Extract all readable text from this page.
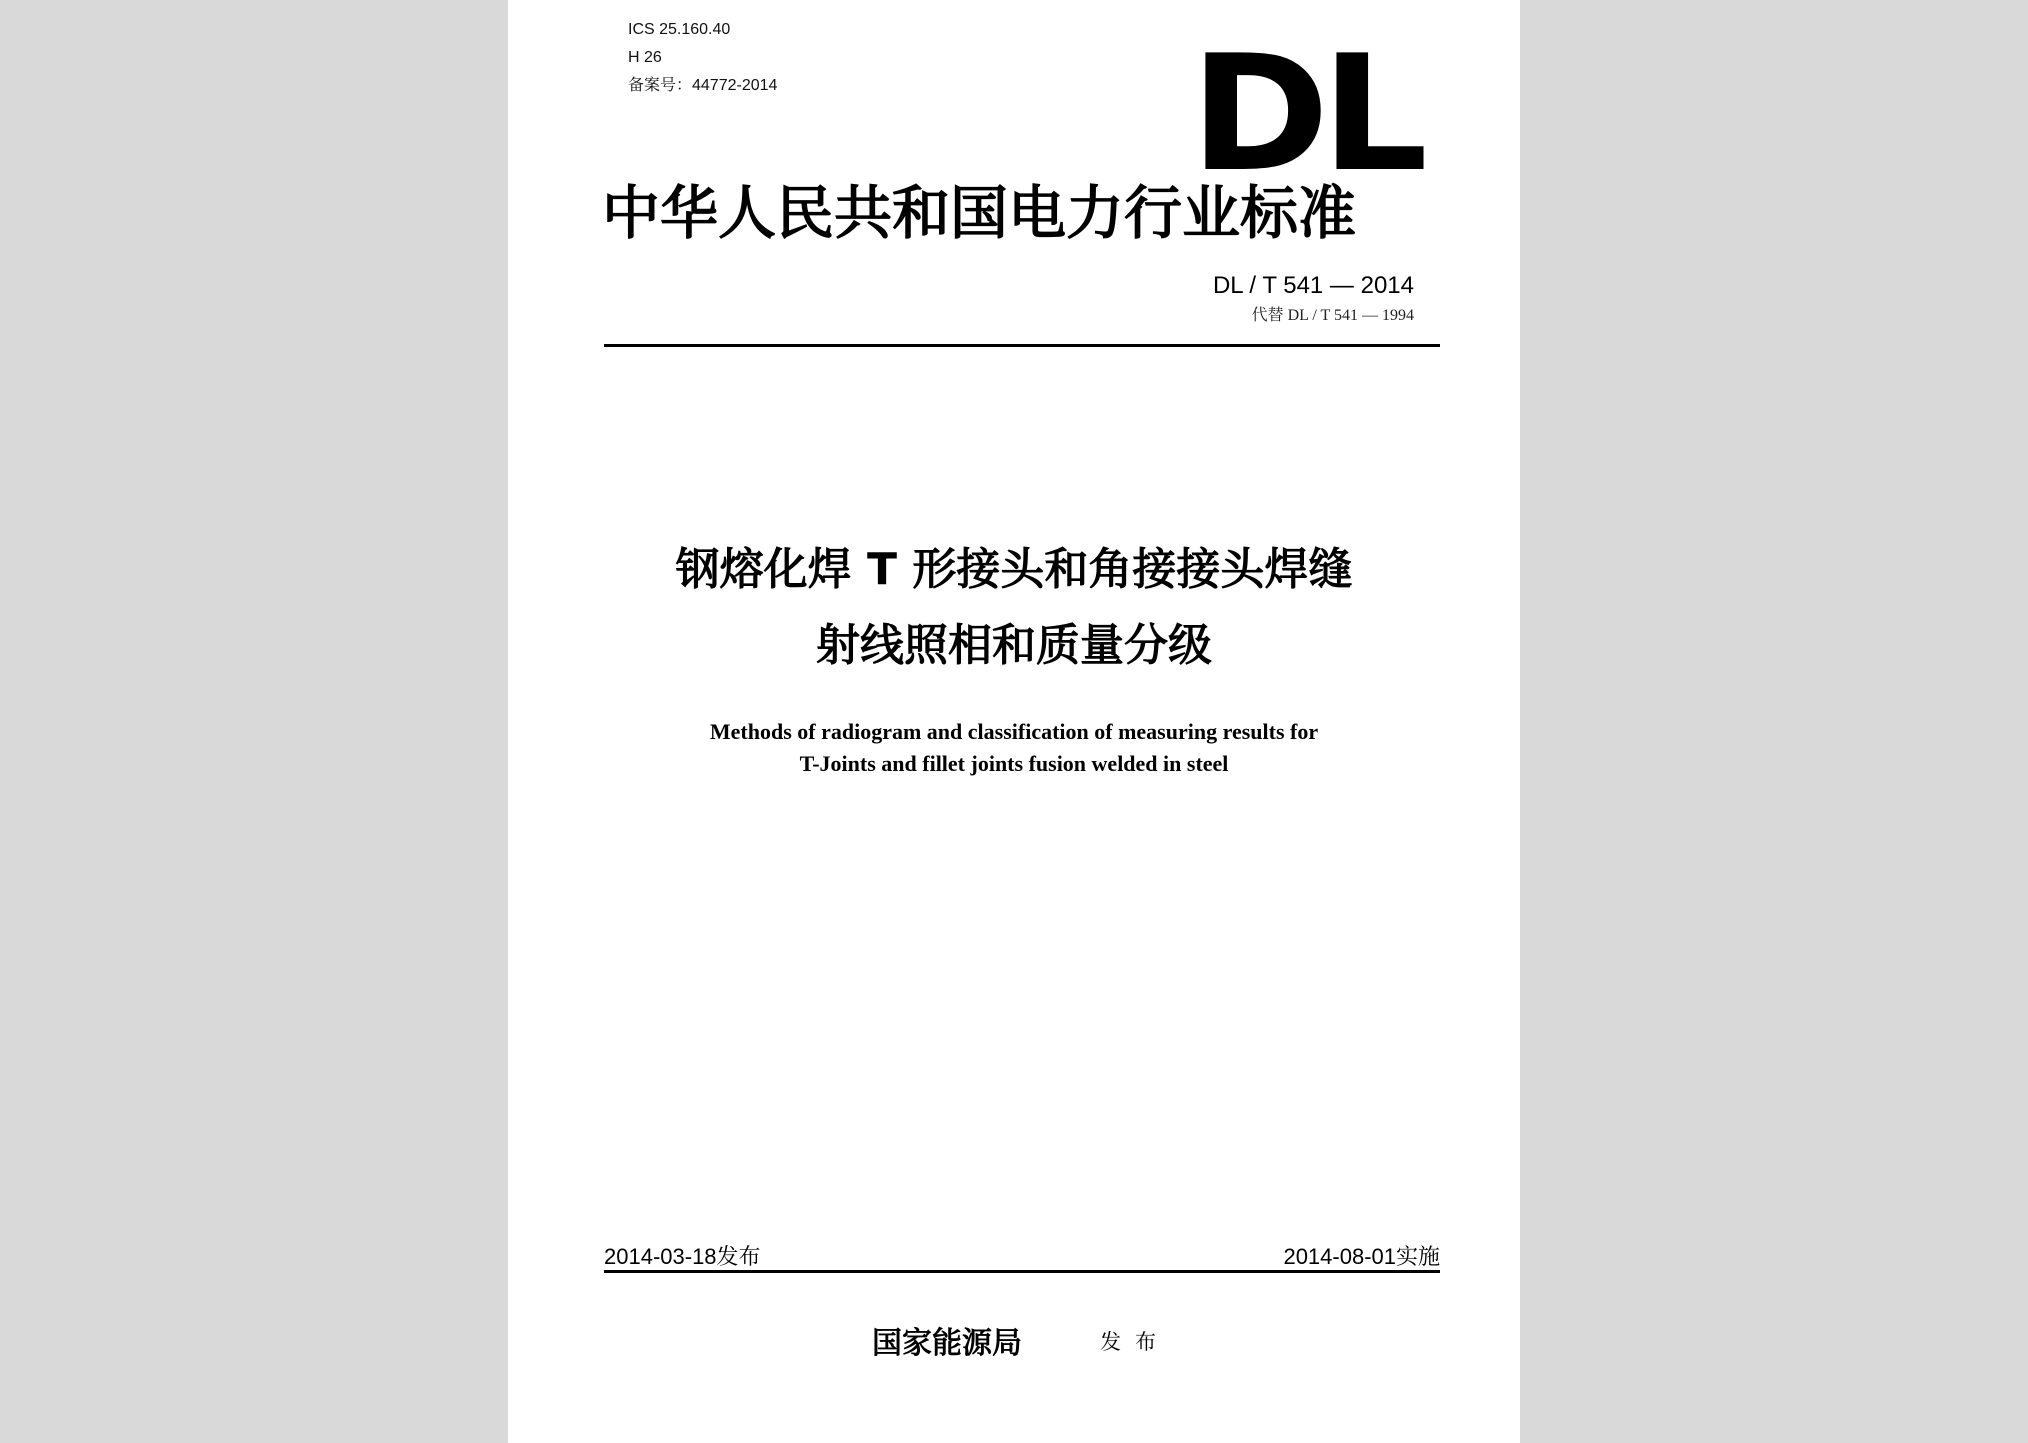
ICS 25.160.40
H 26
备案号：44772-2014	DL
中华人民共和国电力行业标准
DL / T 541 — 2014
代替 DL / T 541 — 1994
钢熔化焊 T 形接头和角接接头焊缝
射线照相和质量分级
Methods of radiogram and classification of measuring results for
T-Joints and fillet joints fusion welded in steel
2014-03-18发布	2014-08-01实施
国家能源局	发布
